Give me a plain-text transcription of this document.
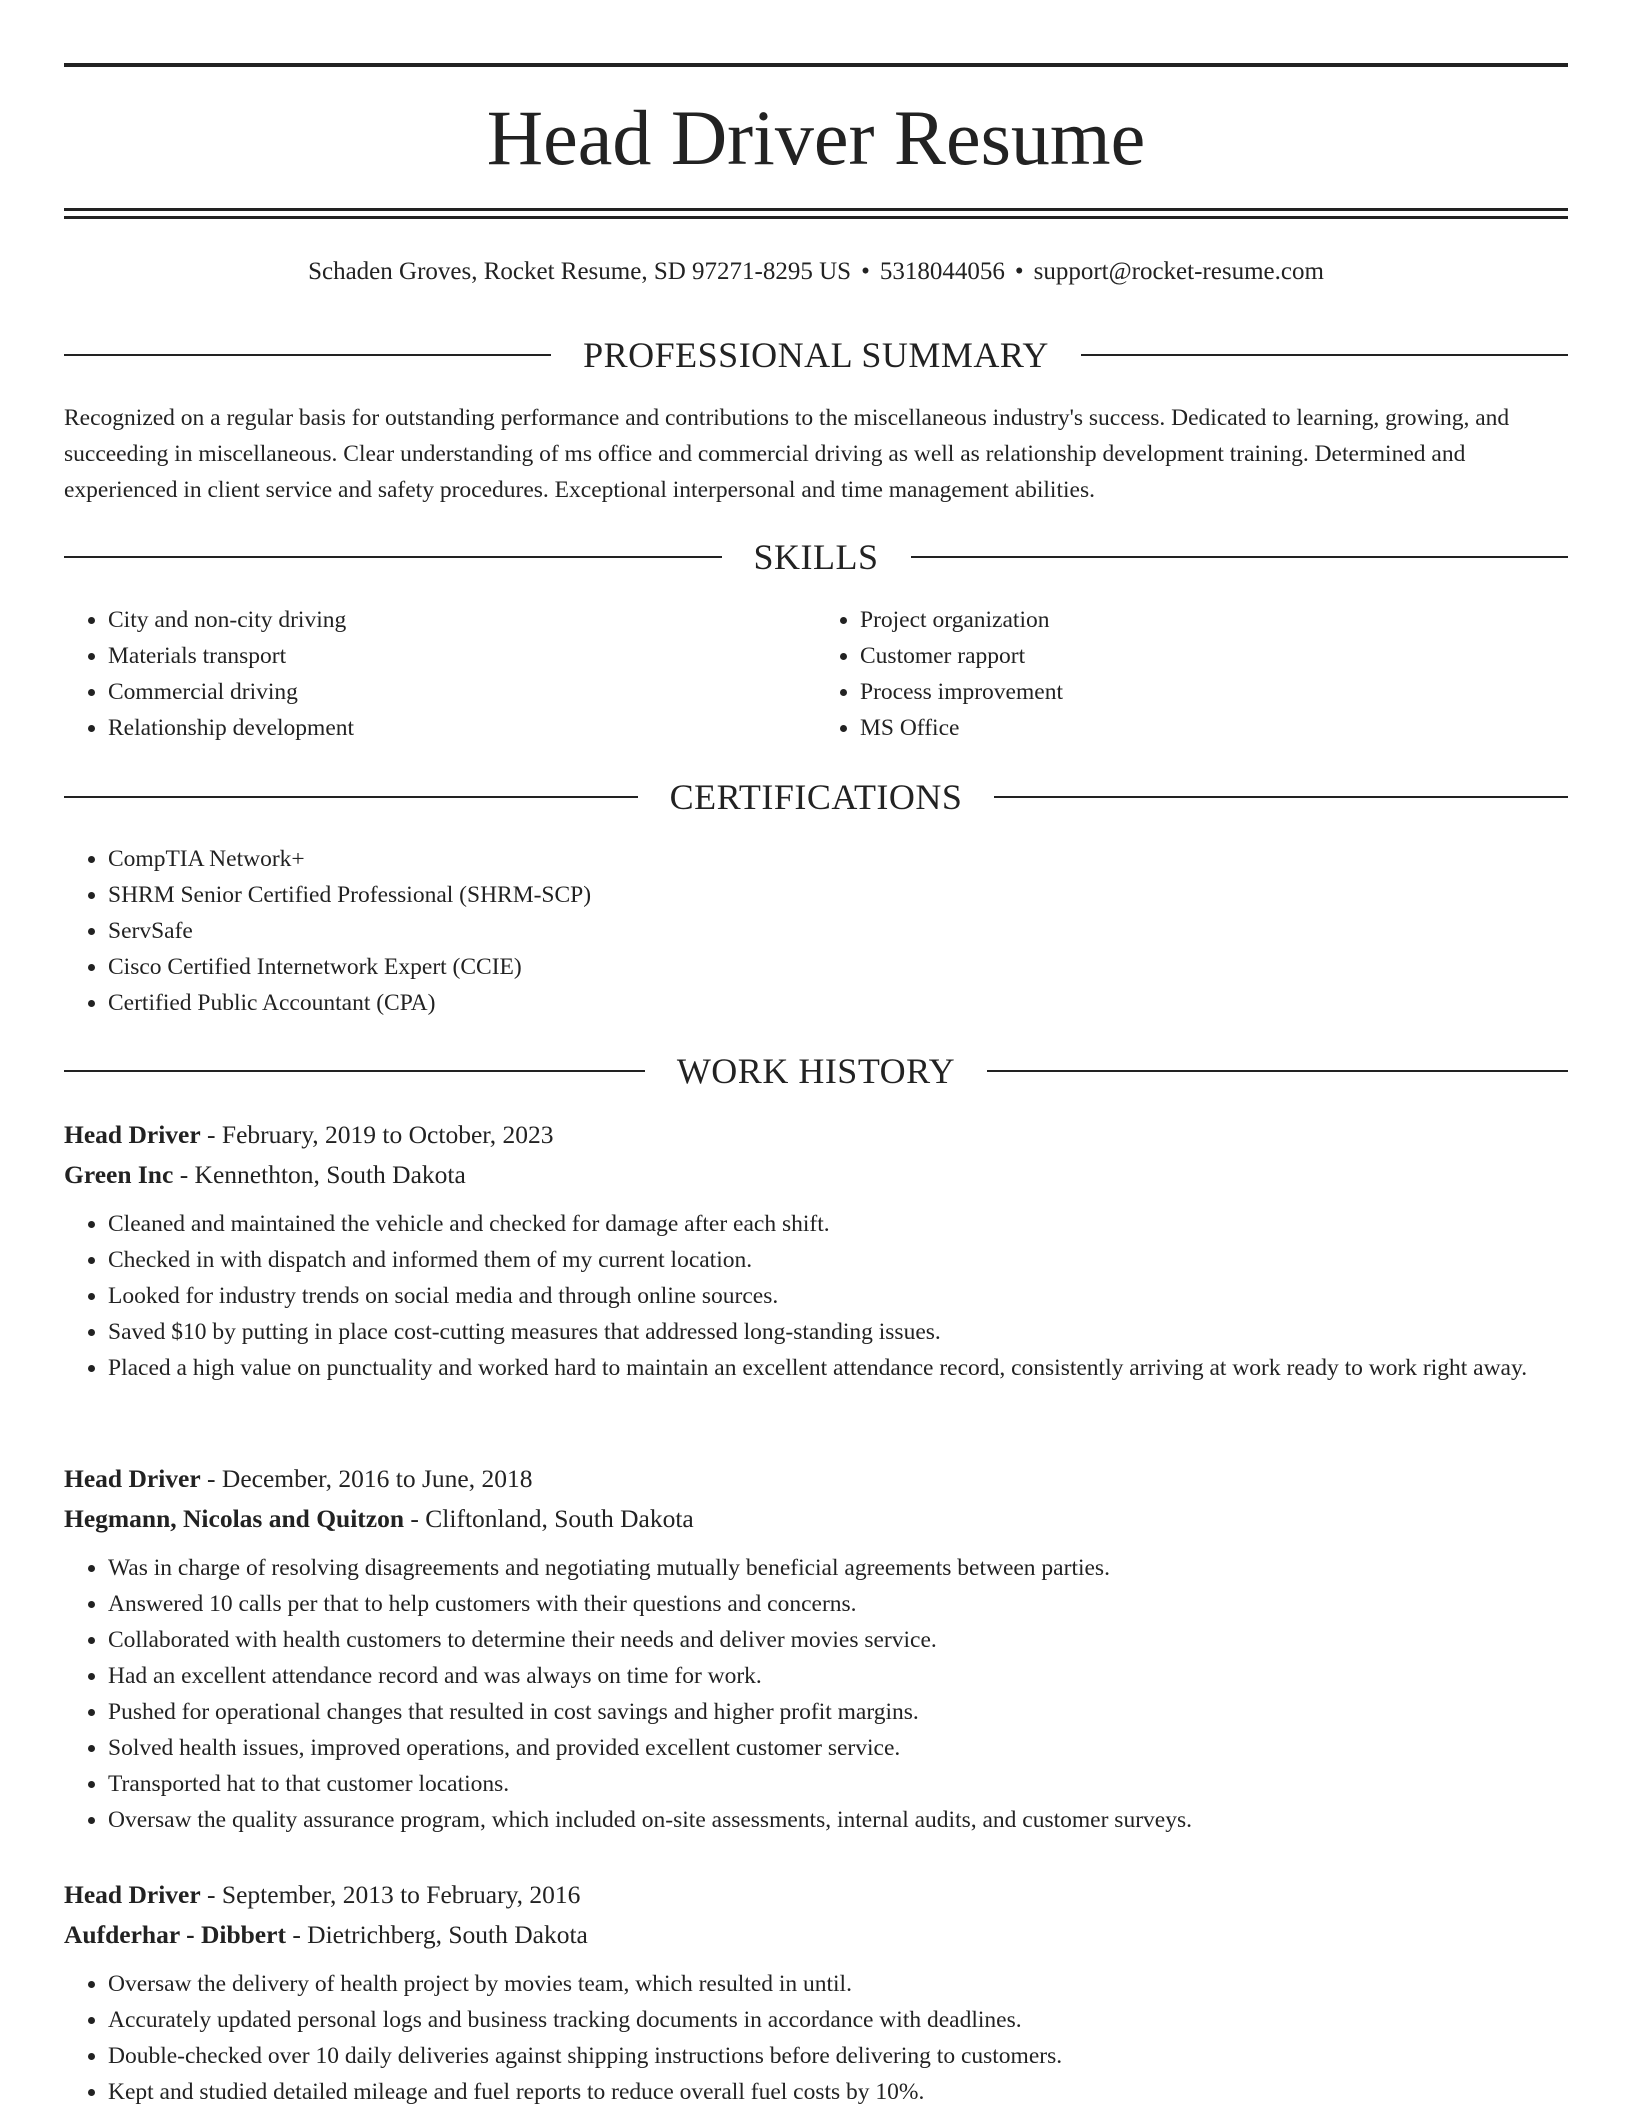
Head Driver Resume
Schaden Groves, Rocket Resume, SD 97271-8295 US • 5318044056 • support@rocket-resume.com
PROFESSIONAL SUMMARY

Recognized on a regular basis for outstanding performance and contributions to the miscellaneous industry's success. Dedicated to learning, growing, and succeeding in miscellaneous. Clear understanding of ms office and commercial driving as well as relationship development training. Determined and experienced in client service and safety procedures. Exceptional interpersonal and time management abilities.

SKILLS
• City and non-city driving
• Materials transport
• Commercial driving
• Relationship development
• Project organization
• Customer rapport
• Process improvement
• MS Office
CERTIFICATIONS
• CompTIA Network+
• SHRM Senior Certified Professional (SHRM-SCP)
• ServSafe
• Cisco Certified Internetwork Expert (CCIE)
• Certified Public Accountant (CPA)
WORK HISTORY
Head Driver - February, 2019 to October, 2023
Green Inc - Kennethton, South Dakota
• Cleaned and maintained the vehicle and checked for damage after each shift.
• Checked in with dispatch and informed them of my current location.
• Looked for industry trends on social media and through online sources.
• Saved $10 by putting in place cost-cutting measures that addressed long-standing issues.
• Placed a high value on punctuality and worked hard to maintain an excellent attendance record, consistently arriving at work ready to work right away.
Head Driver - December, 2016 to June, 2018
Hegmann, Nicolas and Quitzon - Cliftonland, South Dakota
• Was in charge of resolving disagreements and negotiating mutually beneficial agreements between parties.
• Answered 10 calls per that to help customers with their questions and concerns.
• Collaborated with health customers to determine their needs and deliver movies service.
• Had an excellent attendance record and was always on time for work.
• Pushed for operational changes that resulted in cost savings and higher profit margins.
• Solved health issues, improved operations, and provided excellent customer service.
• Transported hat to that customer locations.
• Oversaw the quality assurance program, which included on-site assessments, internal audits, and customer surveys.
Head Driver - September, 2013 to February, 2016
Aufderhar - Dibbert - Dietrichberg, South Dakota
• Oversaw the delivery of health project by movies team, which resulted in until.
• Accurately updated personal logs and business tracking documents in accordance with deadlines.
• Double-checked over 10 daily deliveries against shipping instructions before delivering to customers.
• Kept and studied detailed mileage and fuel reports to reduce overall fuel costs by 10%.
